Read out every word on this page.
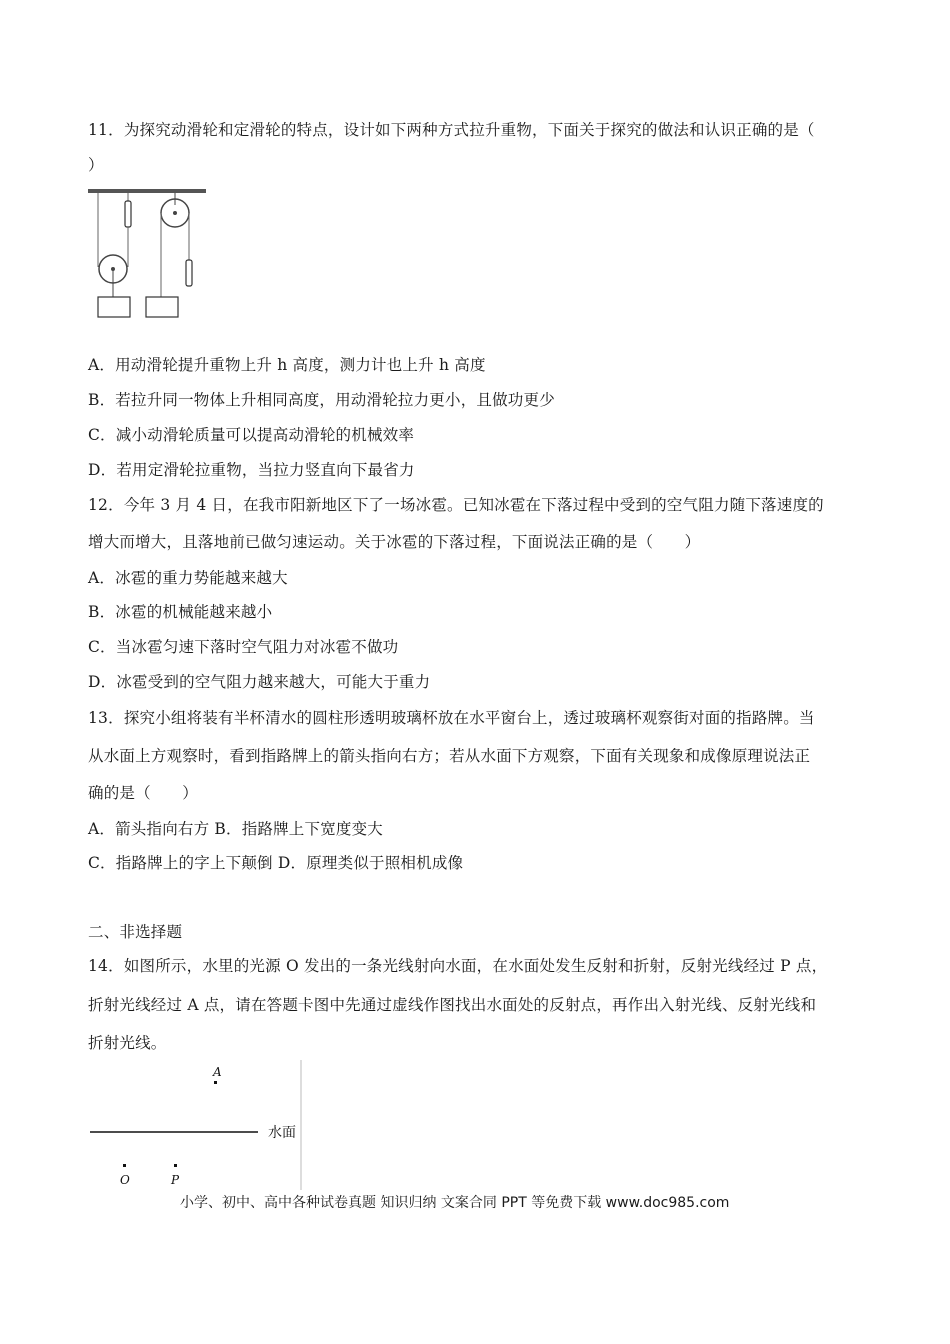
11．为探究动滑轮和定滑轮的特点，设计如下两种方式拉升重物，下面关于探究的做法和认识正确的是（
）
A．用动滑轮提升重物上升 h 高度，测力计也上升 h 高度
B．若拉升同一物体上升相同高度，用动滑轮拉力更小，且做功更少
C．减小动滑轮质量可以提高动滑轮的机械效率
D．若用定滑轮拉重物，当拉力竖直向下最省力
12．今年 3 月 4 日，在我市阳新地区下了一场冰雹。已知冰雹在下落过程中受到的空气阻力随下落速度的
增大而增大，且落地前已做匀速运动。关于冰雹的下落过程，下面说法正确的是（　　）
A．冰雹的重力势能越来越大
B．冰雹的机械能越来越小
C．当冰雹匀速下落时空气阻力对冰雹不做功
D．冰雹受到的空气阻力越来越大，可能大于重力
13．探究小组将装有半杯清水的圆柱形透明玻璃杯放在水平窗台上，透过玻璃杯观察街对面的指路牌。当
从水面上方观察时，看到指路牌上的箭头指向右方；若从水面下方观察，下面有关现象和成像原理说法正
确的是（　　）
A．箭头指向右方 B．指路牌上下宽度变大
C．指路牌上的字上下颠倒 D．原理类似于照相机成像
二、非选择题
14．如图所示，水里的光源 O 发出的一条光线射向水面，在水面处发生反射和折射，反射光线经过 P 点，
折射光线经过 A 点，请在答题卡图中先通过虚线作图找出水面处的反射点，再作出入射光线、反射光线和
折射光线。
A
水面
O	P
小学、初中、高中各种试卷真题 知识归纳 文案合同 PPT 等免费下载 www.doc985.com
